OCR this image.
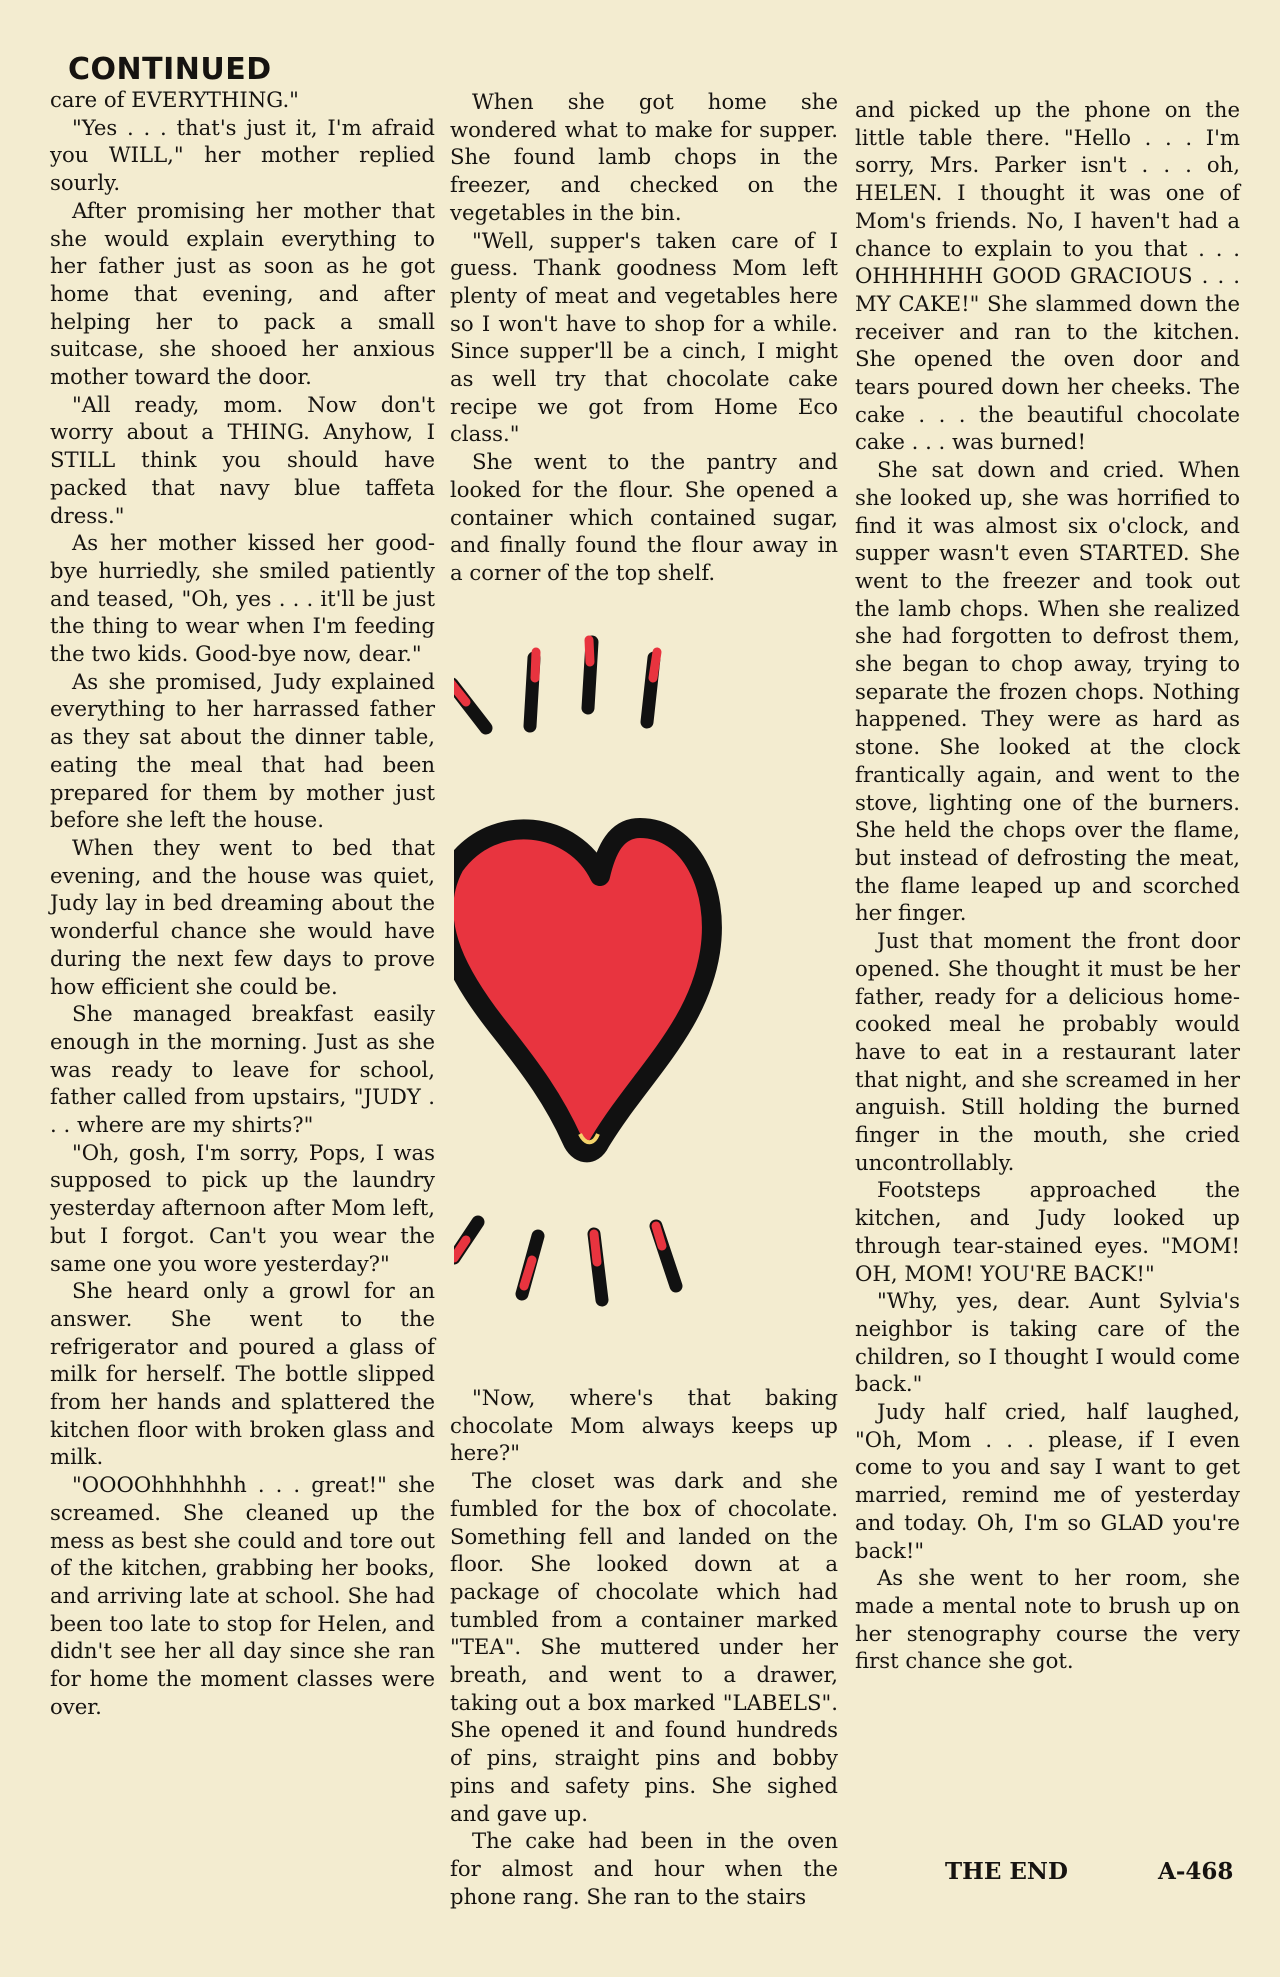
CONTINUED

care of EVERYTHING."

"Yes . . . that's just it, I'm afraid you WILL," her mother replied sourly.

After promising her mother that she would explain everything to her father just as soon as he got home that evening, and after helping her to pack a small suitcase, she shooed her anxious mother toward the door.

"All ready, mom. Now don't worry about a THING. Anyhow, I STILL think you should have packed that navy blue taffeta dress."

As her mother kissed her good-bye hurriedly, she smiled patiently and teased, "Oh, yes . . . it'll be just the thing to wear when I'm feeding the two kids. Good-bye now, dear."

As she promised, Judy explained everything to her harrassed father as they sat about the dinner table, eating the meal that had been prepared for them by mother just before she left the house.

When they went to bed that evening, and the house was quiet, Judy lay in bed dreaming about the wonderful chance she would have during the next few days to prove how efficient she could be.

She managed breakfast easily enough in the morning. Just as she was ready to leave for school, father called from upstairs, "JUDY . . . where are my shirts?"

"Oh, gosh, I'm sorry, Pops, I was supposed to pick up the laundry yesterday afternoon after Mom left, but I forgot. Can't you wear the same one you wore yesterday?"

She heard only a growl for an answer. She went to the refrigerator and poured a glass of milk for herself. The bottle slipped from her hands and splattered the kitchen floor with broken glass and milk.

"OOOOhhhhhhh . . . great!" she screamed. She cleaned up the mess as best she could and tore out of the kitchen, grabbing her books, and arriving late at school. She had been too late to stop for Helen, and didn't see her all day since she ran for home the moment classes were over.

When she got home she wondered what to make for supper. She found lamb chops in the freezer, and checked on the vegetables in the bin.

"Well, supper's taken care of I guess. Thank goodness Mom left plenty of meat and vegetables here so I won't have to shop for a while. Since supper'll be a cinch, I might as well try that chocolate cake recipe we got from Home Eco class."

She went to the pantry and looked for the flour. She opened a container which contained sugar, and finally found the flour away in a corner of the top shelf.

"Now, where's that baking chocolate Mom always keeps up here?"

The closet was dark and she fumbled for the box of chocolate. Something fell and landed on the floor. She looked down at a package of chocolate which had tumbled from a container marked "TEA". She muttered under her breath, and went to a drawer, taking out a box marked "LABELS". She opened it and found hundreds of pins, straight pins and bobby pins and safety pins. She sighed and gave up.

The cake had been in the oven for almost and hour when the phone rang. She ran to the stairs

and picked up the phone on the little table there. "Hello . . . I'm sorry, Mrs. Parker isn't . . . oh, HELEN. I thought it was one of Mom's friends. No, I haven't had a chance to explain to you that . . . OHHHHHH GOOD GRACIOUS . . . MY CAKE!" She slammed down the receiver and ran to the kitchen. She opened the oven door and tears poured down her cheeks. The cake . . . the beautiful chocolate cake . . . was burned!

She sat down and cried. When she looked up, she was horrified to find it was almost six o'clock, and supper wasn't even STARTED. She went to the freezer and took out the lamb chops. When she realized she had forgotten to defrost them, she began to chop away, trying to separate the frozen chops. Nothing happened. They were as hard as stone. She looked at the clock frantically again, and went to the stove, lighting one of the burners. She held the chops over the flame, but instead of defrosting the meat, the flame leaped up and scorched her finger.

Just that moment the front door opened. She thought it must be her father, ready for a delicious home-cooked meal he probably would have to eat in a restaurant later that night, and she screamed in her anguish. Still holding the burned finger in the mouth, she cried uncontrollably.

Footsteps approached the kitchen, and Judy looked up through tear-stained eyes. "MOM! OH, MOM! YOU'RE BACK!"

"Why, yes, dear. Aunt Sylvia's neighbor is taking care of the children, so I thought I would come back."

Judy half cried, half laughed, "Oh, Mom . . . please, if I even come to you and say I want to get married, remind me of yesterday and today. Oh, I'm so GLAD you're back!"

As she went to her room, she made a mental note to brush up on her stenography course the very first chance she got.

THE END	A-468
